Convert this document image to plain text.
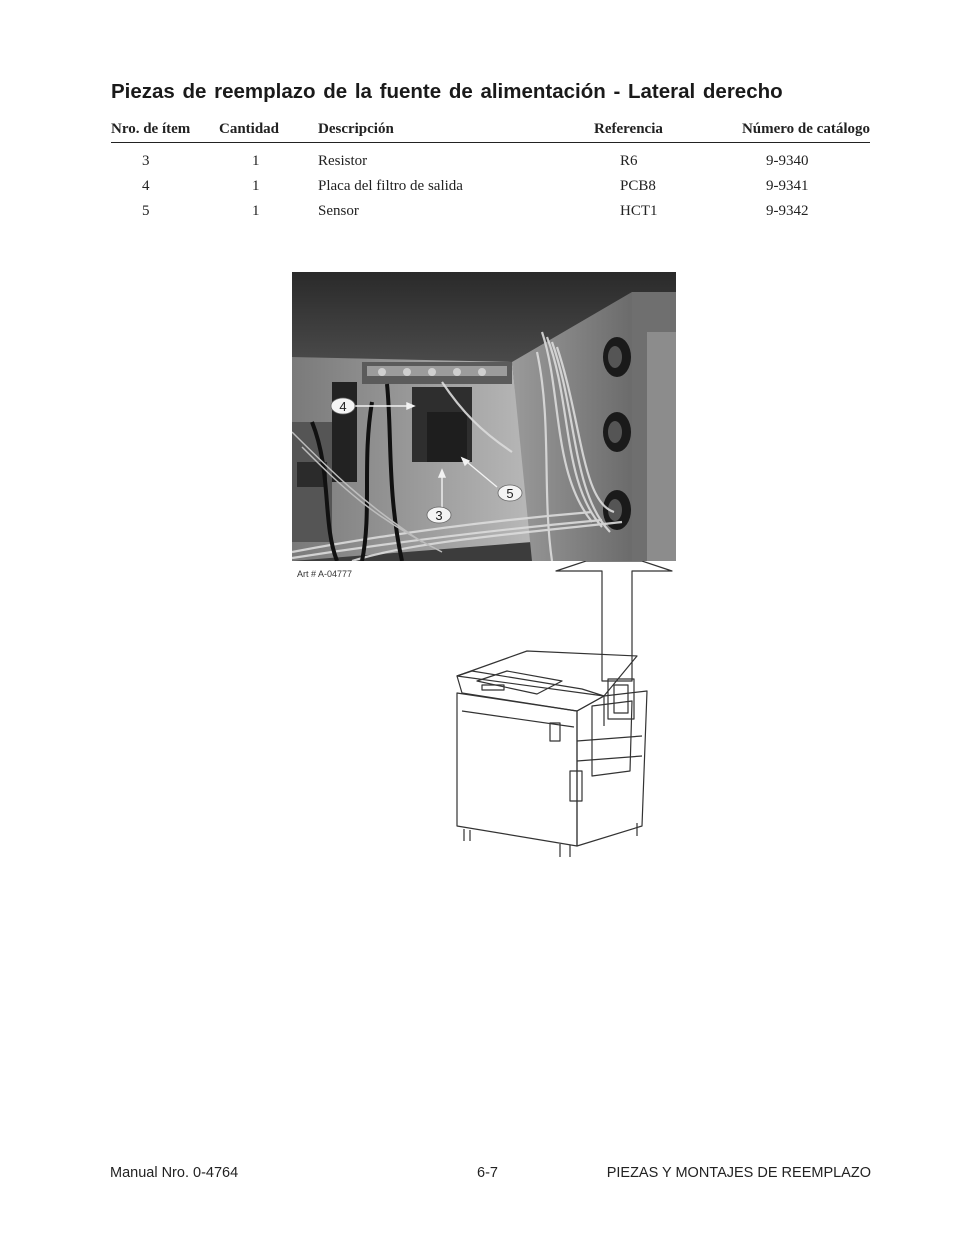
Piezas de reemplazo de la fuente de alimentación - Lateral derecho
Nro. de ítem	Cantidad	Descripción	Referencia	Número de catálogo
3	1	Resistor	R6	9-9340
4	1	Placa del filtro de salida	PCB8	9-9341
5	1	Sensor	HCT1	9-9342
4
5
3
Art # A-04777
Manual Nro. 0-4764	6-7	PIEZAS Y MONTAJES DE REEMPLAZO
